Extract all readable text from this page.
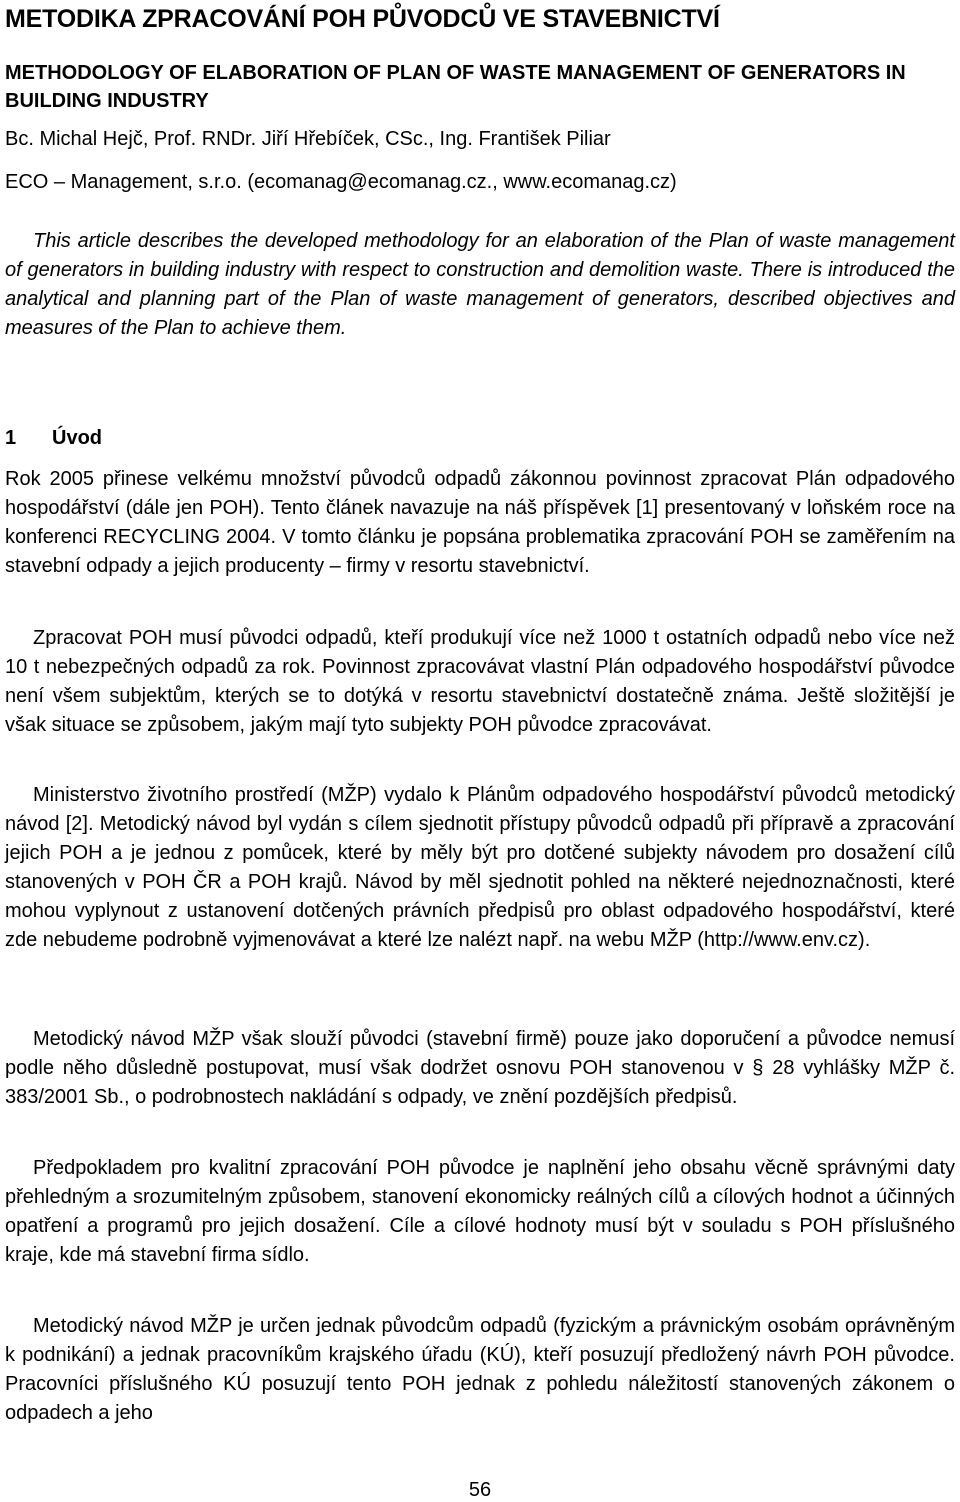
METODIKA ZPRACOVÁNÍ POH PŮVODCŮ VE STAVEBNICTVÍ
METHODOLOGY OF ELABORATION OF PLAN OF WASTE MANAGEMENT OF GENERATORS IN BUILDING INDUSTRY
Bc. Michal Hejč, Prof. RNDr. Jiří Hřebíček, CSc., Ing. František Piliar
ECO – Management, s.r.o. (ecomanag@ecomanag.cz., www.ecomanag.cz)

This article describes the developed methodology for an elaboration of the Plan of waste management of generators in building industry with respect to construction and demolition waste. There is introduced the analytical and planning part of the Plan of waste management of generators, described objectives and measures of the Plan to achieve them.

1	Úvod

Rok 2005 přinese velkému množství původců odpadů zákonnou povinnost zpracovat Plán odpadového hospodářství (dále jen POH). Tento článek navazuje na náš příspěvek [1] presentovaný v loňském roce na konferenci RECYCLING 2004. V tomto článku je popsána problematika zpracování POH se zaměřením na stavební odpady a jejich producenty – firmy v resortu stavebnictví.

Zpracovat POH musí původci odpadů, kteří produkují více než 1000 t ostatních odpadů nebo více než 10 t nebezpečných odpadů za rok. Povinnost zpracovávat vlastní Plán odpadového hospodářství původce není všem subjektům, kterých se to dotýká v resortu stavebnictví dostatečně známa. Ještě složitější je však situace se způsobem, jakým mají tyto subjekty POH původce zpracovávat.

Ministerstvo životního prostředí (MŽP) vydalo k Plánům odpadového hospodářství původců metodický návod [2]. Metodický návod byl vydán s cílem sjednotit přístupy původců odpadů při přípravě a zpracování jejich POH a je jednou z pomůcek, které by měly být pro dotčené subjekty návodem pro dosažení cílů stanovených v POH ČR a POH krajů. Návod by měl sjednotit pohled na některé nejednoznačnosti, které mohou vyplynout z ustanovení dotčených právních předpisů pro oblast odpadového hospodářství, které zde nebudeme podrobně vyjmenovávat a které lze nalézt např. na webu MŽP (http://www.env.cz).

Metodický návod MŽP však slouží původci (stavební firmě) pouze jako doporučení a původce nemusí podle něho důsledně postupovat, musí však dodržet osnovu POH stanovenou v § 28 vyhlášky MŽP č. 383/2001 Sb., o podrobnostech nakládání s odpady, ve znění pozdějších předpisů.

Předpokladem pro kvalitní zpracování POH původce je naplnění jeho obsahu věcně správnými daty přehledným a srozumitelným způsobem, stanovení ekonomicky reálných cílů a cílových hodnot a účinných opatření a programů pro jejich dosažení. Cíle a cílové hodnoty musí být v souladu s POH příslušného kraje, kde má stavební firma sídlo.

Metodický návod MŽP je určen jednak původcům odpadů (fyzickým a právnickým osobám oprávněným k podnikání) a jednak pracovníkům krajského úřadu (KÚ), kteří posuzují předložený návrh POH původce. Pracovníci příslušného KÚ posuzují tento POH jednak z pohledu náležitostí stanovených zákonem o odpadech a jeho

56
